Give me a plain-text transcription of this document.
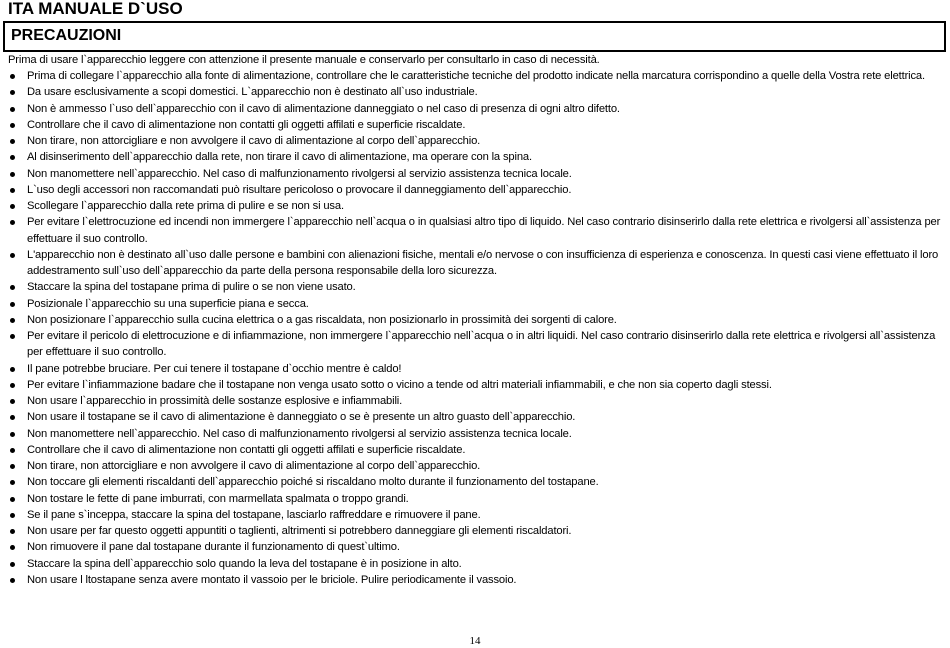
ITA MANUALE D`USO
PRECAUZIONI

Prima di usare l`apparecchio leggere con attenzione il presente manuale e conservarlo per consultarlo in caso di necessità.

Prima di collegare l`apparecchio alla fonte di alimentazione, controllare che le caratteristiche tecniche del prodotto indicate nella marcatura corrispondino a quelle della Vostra rete elettrica.
Da usare esclusivamente a scopi domestici. L`apparecchio non è destinato all`uso industriale.
Non è ammesso l`uso dell`apparecchio con il cavo di alimentazione danneggiato o nel caso di presenza di ogni altro difetto.
Controllare che il cavo di alimentazione non contatti gli oggetti affilati e superficie riscaldate.
Non tirare, non attorcigliare e non avvolgere il cavo di alimentazione al corpo dell`apparecchio.
Al disinserimento dell`apparecchio dalla rete, non tirare il cavo di alimentazione, ma operare con la spina.
Non manomettere nell`apparecchio. Nel caso di malfunzionamento rivolgersi al servizio assistenza tecnica locale.
L`uso degli accessori non raccomandati può risultare pericoloso o provocare il danneggiamento dell`apparecchio.
Scollegare l`apparecchio dalla rete prima di pulire e se non si usa.
Per evitare l`elettrocuzione ed incendi non immergere l`apparecchio nell`acqua o in qualsiasi altro tipo di liquido. Nel caso contrario disinserirlo dalla rete elettrica e rivolgersi all`assistenza per effettuare il suo controllo.
L'apparecchio non è destinato all`uso dalle persone e bambini con alienazioni fisiche, mentali e/o nervose o con insufficienza di esperienza e conoscenza. In questi casi viene effettuato il loro addestramento sull`uso dell`apparecchio da parte della persona responsabile della loro sicurezza.
Staccare la spina del tostapane prima di pulire o se non viene usato.
Posizionale l`apparecchio su una superficie piana e secca.
Non posizionare l`apparecchio sulla cucina elettrica o a gas riscaldata, non posizionarlo in prossimità dei sorgenti di calore.
Per evitare il pericolo di elettrocuzione e di infiammazione, non immergere l`apparecchio nell`acqua o in altri liquidi. Nel caso contrario disinserirlo dalla rete elettrica e rivolgersi all`assistenza per effettuare il suo controllo.
Il pane potrebbe bruciare. Per cui tenere il tostapane d`occhio mentre è caldo!
Per evitare l`infiammazione badare che il tostapane non venga usato sotto o vicino a tende od altri materiali infiammabili, e che non sia coperto dagli stessi.
Non usare l`apparecchio in prossimità delle sostanze esplosive e infiammabili.
Non usare il tostapane se il cavo di alimentazione è danneggiato o se è presente un altro guasto dell`apparecchio.
Non manomettere nell`apparecchio. Nel caso di malfunzionamento rivolgersi al servizio assistenza tecnica locale.
Controllare che il cavo di alimentazione non contatti gli oggetti affilati e superficie riscaldate.
Non tirare, non attorcigliare e non avvolgere il cavo di alimentazione al corpo dell`apparecchio.
Non toccare gli elementi riscaldanti dell`apparecchio poiché si riscaldano molto durante il funzionamento del tostapane.
Non tostare le fette di pane imburrati, con marmellata spalmata o troppo grandi.
Se il pane s`inceppa, staccare la spina del tostapane, lasciarlo raffreddare e rimuovere il pane.
Non usare per far questo oggetti appuntiti o taglienti, altrimenti si potrebbero danneggiare gli elementi riscaldatori.
Non rimuovere il pane dal tostapane durante il funzionamento di quest`ultimo.
Staccare la spina dell`apparecchio solo quando la leva del tostapane è in posizione in alto.
Non usare l ltostapane senza avere montato il vassoio per le briciole. Pulire periodicamente il vassoio.
14
